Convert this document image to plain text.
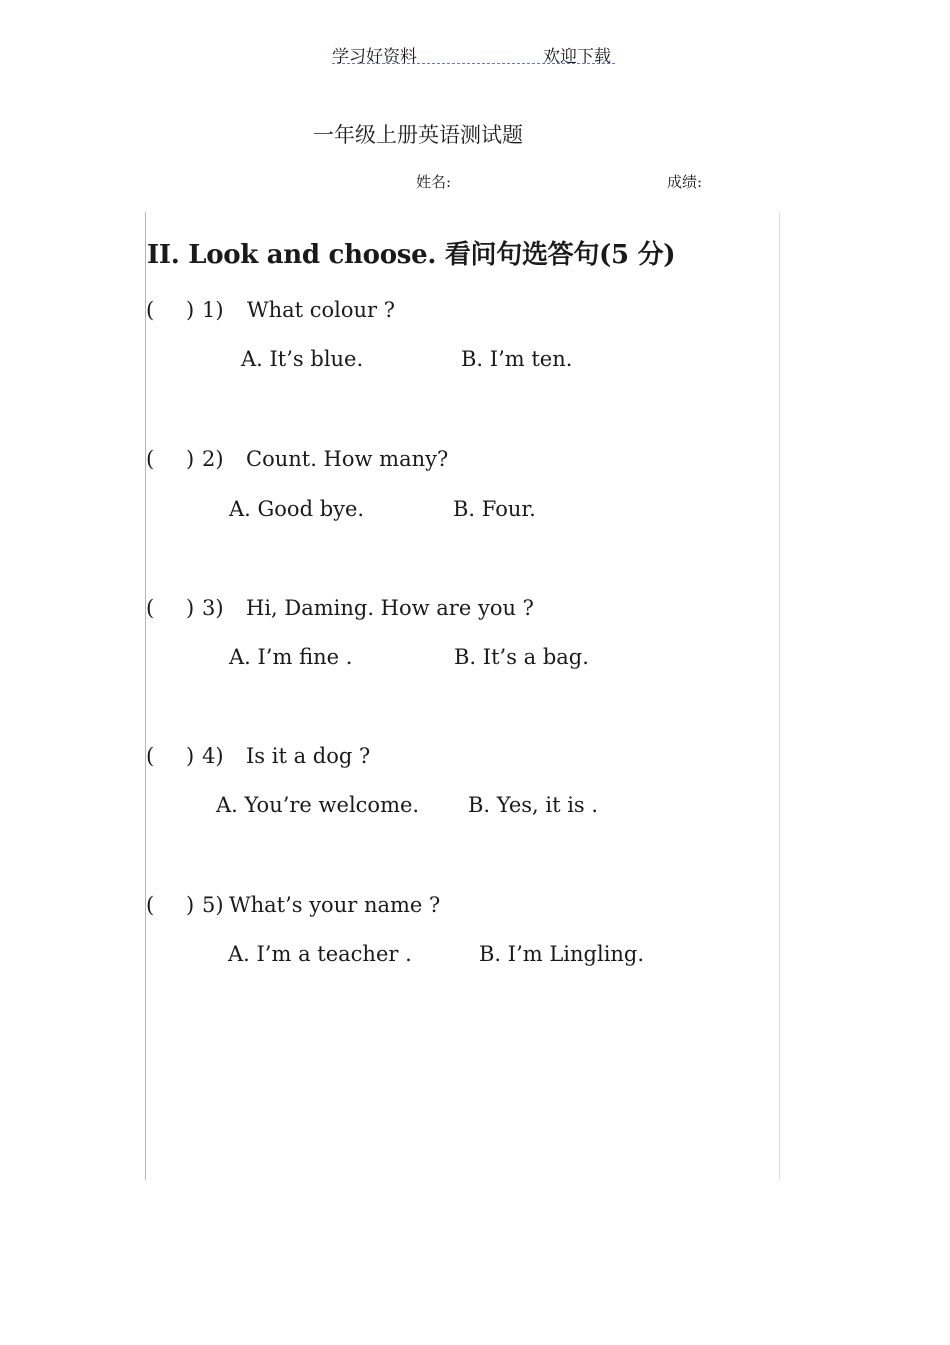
学习好资料	欢迎下载
一年级上册英语测试题
姓名:	成绩:
II. Look and choose. 看问句选答句(5 分)
( ) 1) What colour ?
A. It’s blue.	B. I’m ten.
( ) 2) Count. How many?
A. Good bye.	B. Four.
( ) 3) Hi, Daming. How are you ?
A. I’m fine .	B. It’s a bag.
( ) 4) Is it a dog ?
A. You’re welcome. B. Yes, it is .
( ) 5) What’s your name ?
A. I’m a teacher .	B. I’m Lingling.
